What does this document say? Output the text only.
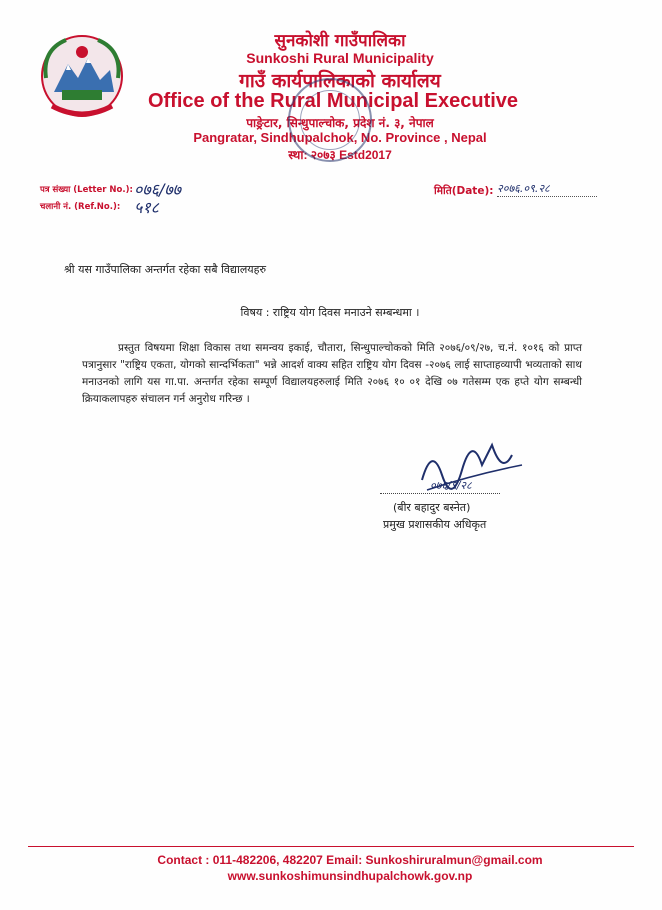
सुनकोशी गाउँपालिका
Sunkoshi Rural Municipality
गाउँ कार्यपालिकाको कार्यालय
Office of the Rural Municipal Executive
पाङ्रेटार, सिन्धुपाल्चोक, प्रदेश नं. ३, नेपाल
Pangratar, Sindhupalchok, No. Province , Nepal
स्था: २०७३ Estd2017
पत्र संख्या (Letter No.): ०७६/७७
चलानी नं. (Ref.No.): ५१८
मिति(Date): २०७६.०९.२८
श्री यस गाउँपालिका अन्तर्गत रहेका सबै विद्यालयहरु
विषय : राष्ट्रिय योग दिवस मनाउने सम्बन्धमा ।
प्रस्तुत विषयमा शिक्षा विकास तथा समन्वय इकाई, चौतारा, सिन्धुपाल्चोकको मिति २०७६/०९/२७, च.नं. १०१६ को प्राप्त पत्रानुसार "राष्ट्रिय एकता, योगको सान्दर्भिकता" भन्ने आदर्श वाक्य सहित राष्ट्रिय योग दिवस -२०७६ लाई साप्ताहव्यापी भव्यताको साथ मनाउनको लागि यस गा.पा. अन्तर्गत रहेका सम्पूर्ण विद्यालयहरुलाई मिति २०७६ १० ०१ देखि ०७ गतेसम्म एक हप्ते योग सम्बन्धी क्रियाकलापहरु संचालन गर्न अनुरोध गरिन्छ ।
०७६/९/२८
(बीर बहादुर बस्नेत)
प्रमुख प्रशासकीय अधिकृत
Contact : 011-482206, 482207 Email: Sunkoshiruralmun@gmail.com
www.sunkoshimunsindhupalchowk.gov.np
